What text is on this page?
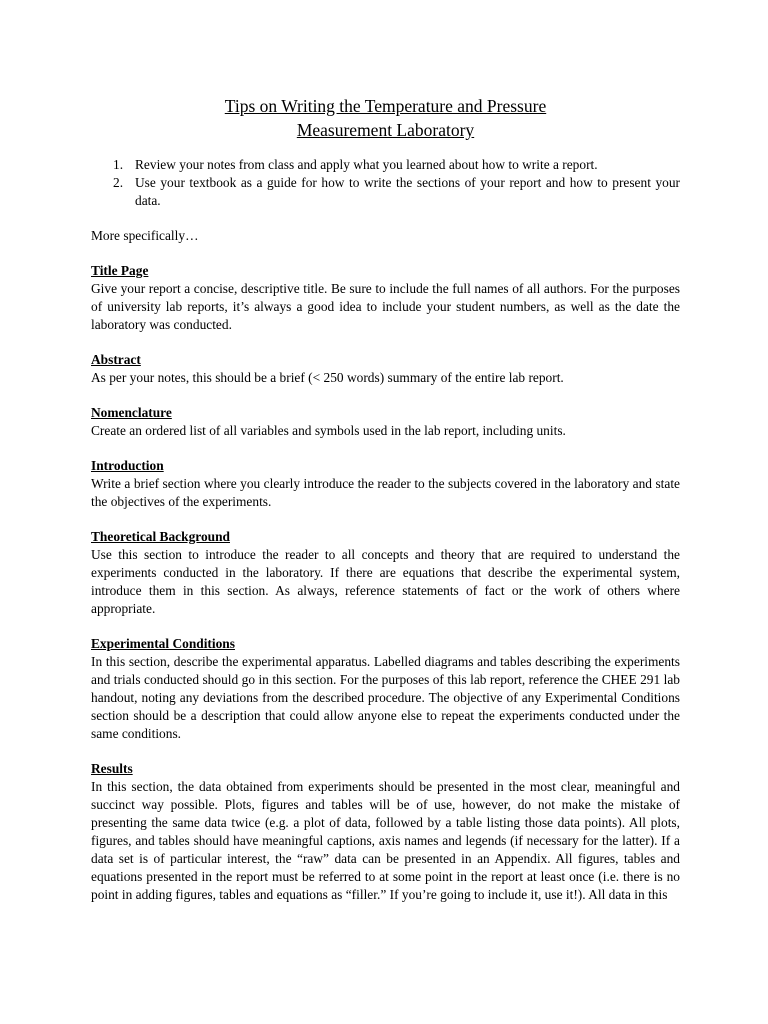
Tips on Writing the Temperature and Pressure
Measurement Laboratory
1. Review your notes from class and apply what you learned about how to write a report.
2. Use your textbook as a guide for how to write the sections of your report and how to present your data.
More specifically…
Title Page

Give your report a concise, descriptive title. Be sure to include the full names of all authors. For the purposes of university lab reports, it’s always a good idea to include your student numbers, as well as the date the laboratory was conducted.

Abstract

As per your notes, this should be a brief (< 250 words) summary of the entire lab report.

Nomenclature

Create an ordered list of all variables and symbols used in the lab report, including units.

Introduction

Write a brief section where you clearly introduce the reader to the subjects covered in the laboratory and state the objectives of the experiments.

Theoretical Background

Use this section to introduce the reader to all concepts and theory that are required to understand the experiments conducted in the laboratory. If there are equations that describe the experimental system, introduce them in this section. As always, reference statements of fact or the work of others where appropriate.

Experimental Conditions

In this section, describe the experimental apparatus. Labelled diagrams and tables describing the experiments and trials conducted should go in this section. For the purposes of this lab report, reference the CHEE 291 lab handout, noting any deviations from the described procedure. The objective of any Experimental Conditions section should be a description that could allow anyone else to repeat the experiments conducted under the same conditions.

Results

In this section, the data obtained from experiments should be presented in the most clear, meaningful and succinct way possible. Plots, figures and tables will be of use, however, do not make the mistake of presenting the same data twice (e.g. a plot of data, followed by a table listing those data points). All plots, figures, and tables should have meaningful captions, axis names and legends (if necessary for the latter). If a data set is of particular interest, the “raw” data can be presented in an Appendix. All figures, tables and equations presented in the report must be referred to at some point in the report at least once (i.e. there is no point in adding figures, tables and equations as “filler.” If you’re going to include it, use it!). All data in this
